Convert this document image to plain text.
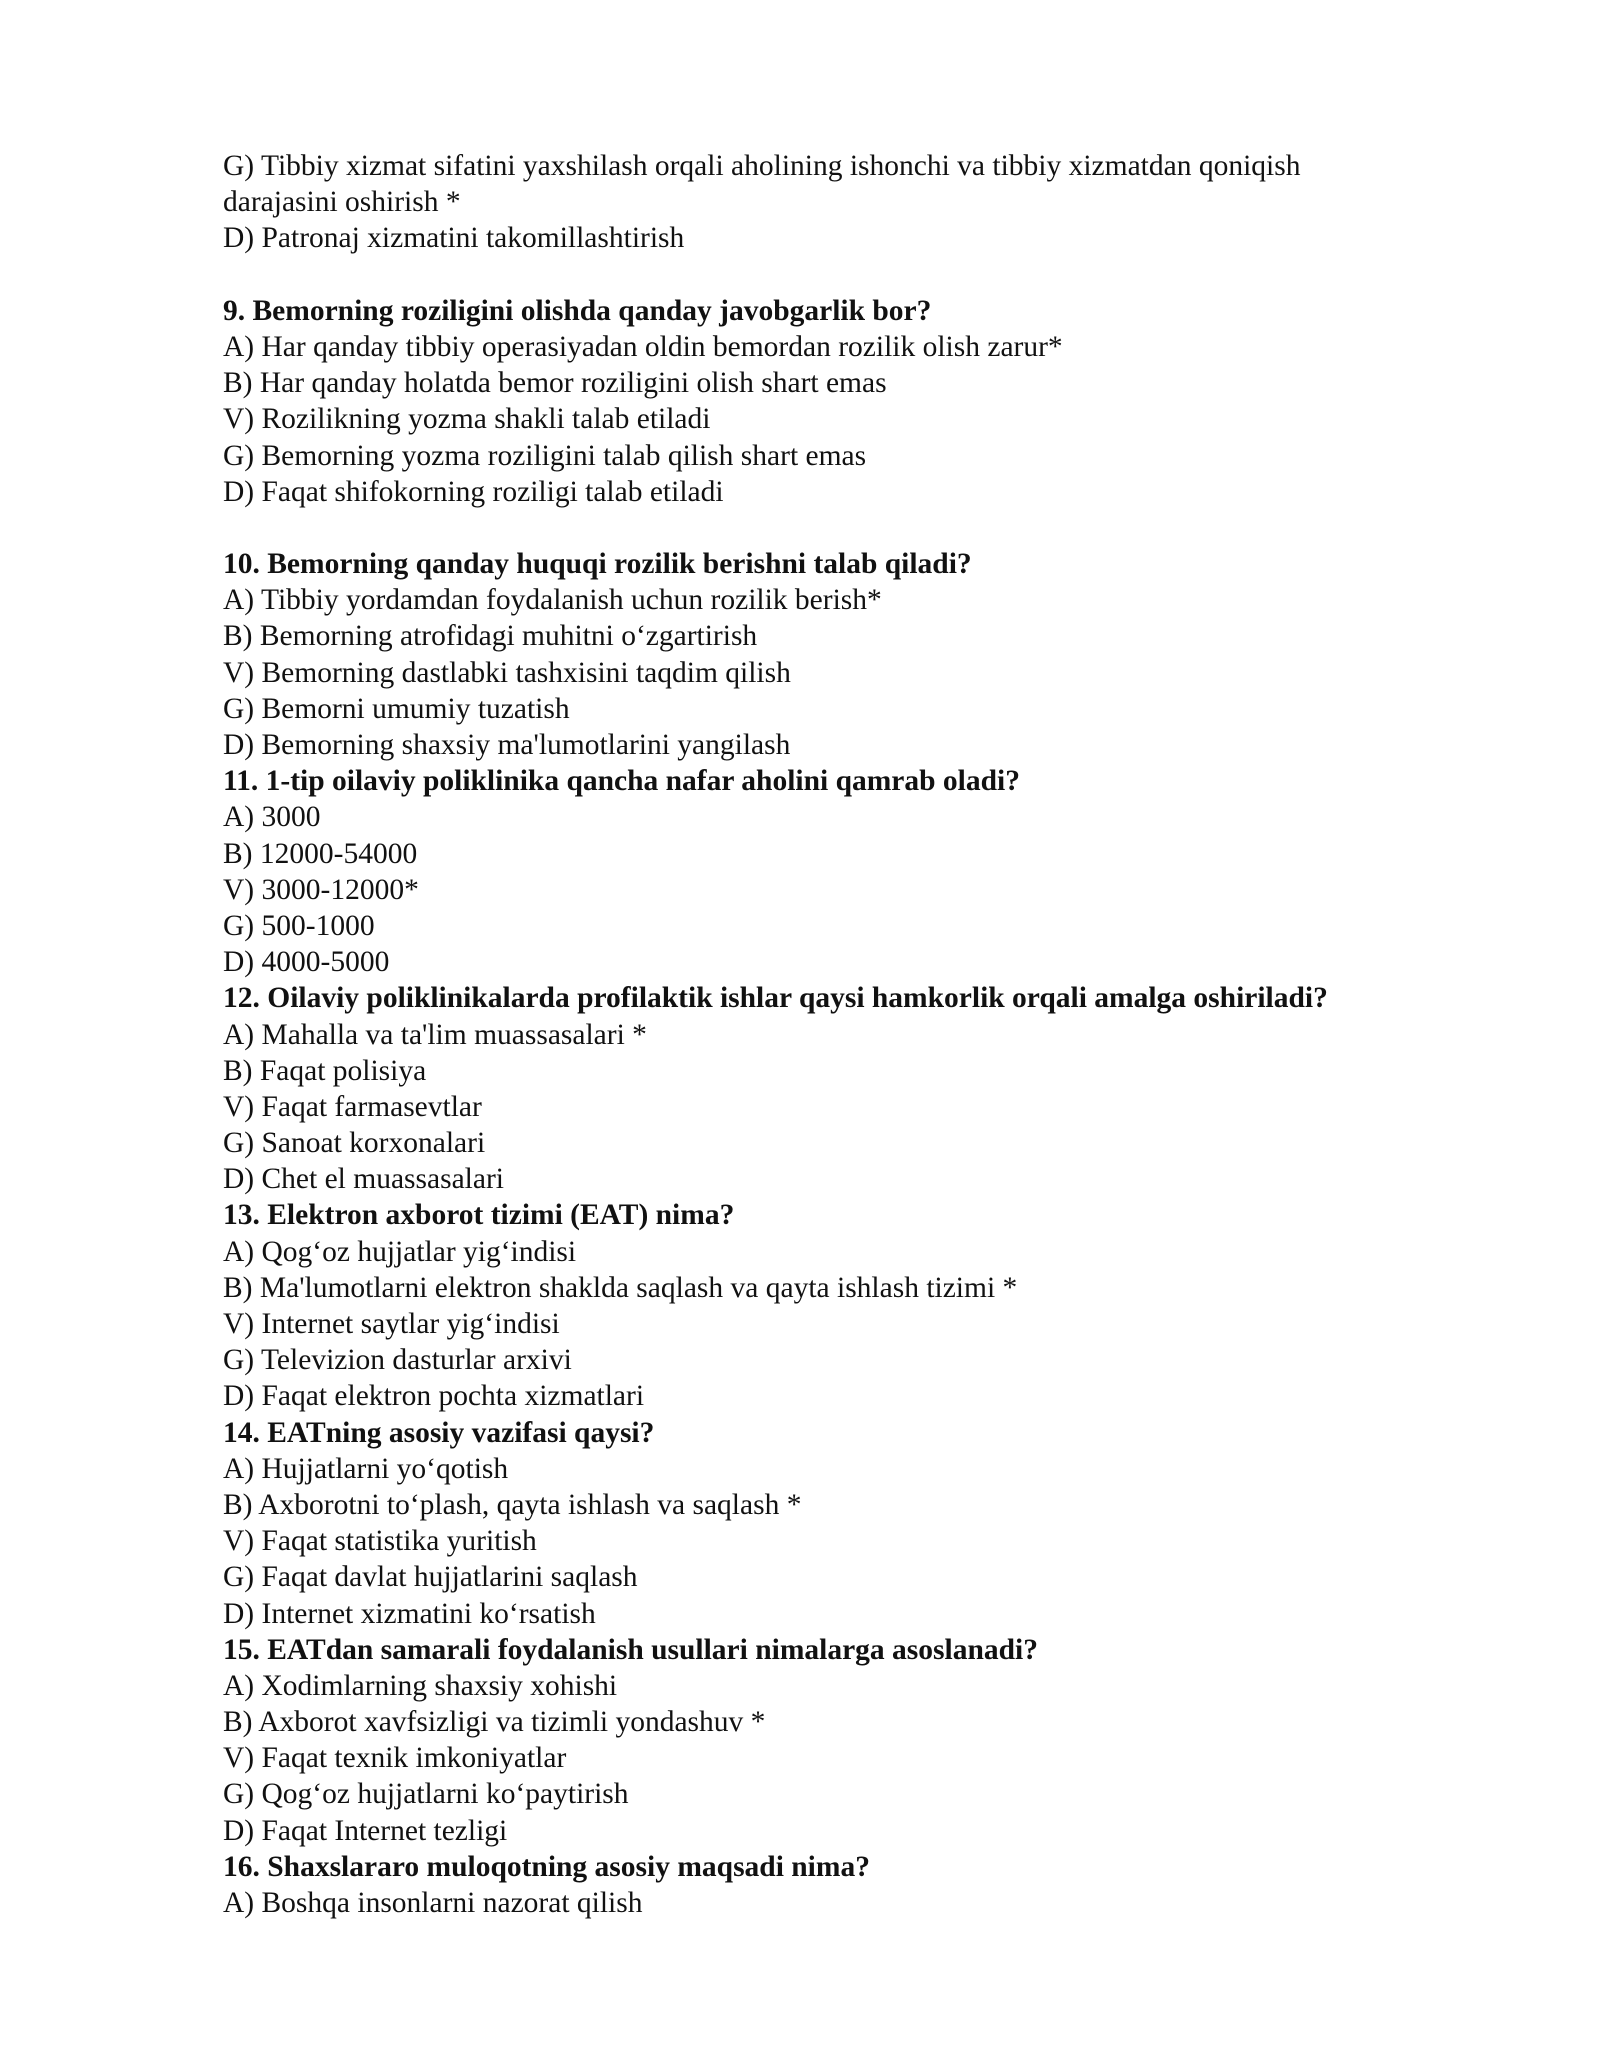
G) Tibbiy xizmat sifatini yaxshilash orqali aholining ishonchi va tibbiy xizmatdan qoniqish
darajasini oshirish *
D) Patronaj xizmatini takomillashtirish
9. Bemorning roziligini olishda qanday javobgarlik bor?
A) Har qanday tibbiy operasiyadan oldin bemordan rozilik olish zarur*
B) Har qanday holatda bemor roziligini olish shart emas
V) Rozilikning yozma shakli talab etiladi
G) Bemorning yozma roziligini talab qilish shart emas
D) Faqat shifokorning roziligi talab etiladi
10. Bemorning qanday huquqi rozilik berishni talab qiladi?
A) Tibbiy yordamdan foydalanish uchun rozilik berish*
B) Bemorning atrofidagi muhitni oʻzgartirish
V) Bemorning dastlabki tashxisini taqdim qilish
G) Bemorni umumiy tuzatish
D) Bemorning shaxsiy ma'lumotlarini yangilash
11. 1-tip oilaviy poliklinika qancha nafar aholini qamrab oladi?
A) 3000
B) 12000-54000
V) 3000-12000*
G) 500-1000
D) 4000-5000
12. Oilaviy poliklinikalarda profilaktik ishlar qaysi hamkorlik orqali amalga oshiriladi?
A) Mahalla va ta'lim muassasalari *
B) Faqat polisiya
V) Faqat farmasevtlar
G) Sanoat korxonalari
D) Chet el muassasalari
13. Elektron axborot tizimi (EAT) nima?
A) Qogʻoz hujjatlar yigʻindisi
B) Ma'lumotlarni elektron shaklda saqlash va qayta ishlash tizimi *
V) Internet saytlar yigʻindisi
G) Televizion dasturlar arxivi
D) Faqat elektron pochta xizmatlari
14. EATning asosiy vazifasi qaysi?
A) Hujjatlarni yoʻqotish
B) Axborotni toʻplash, qayta ishlash va saqlash *
V) Faqat statistika yuritish
G) Faqat davlat hujjatlarini saqlash
D) Internet xizmatini koʻrsatish
15. EATdan samarali foydalanish usullari nimalarga asoslanadi?
A) Xodimlarning shaxsiy xohishi
B) Axborot xavfsizligi va tizimli yondashuv *
V) Faqat texnik imkoniyatlar
G) Qogʻoz hujjatlarni koʻpaytirish
D) Faqat Internet tezligi
16. Shaxslararo muloqotning asosiy maqsadi nima?
A) Boshqa insonlarni nazorat qilish
